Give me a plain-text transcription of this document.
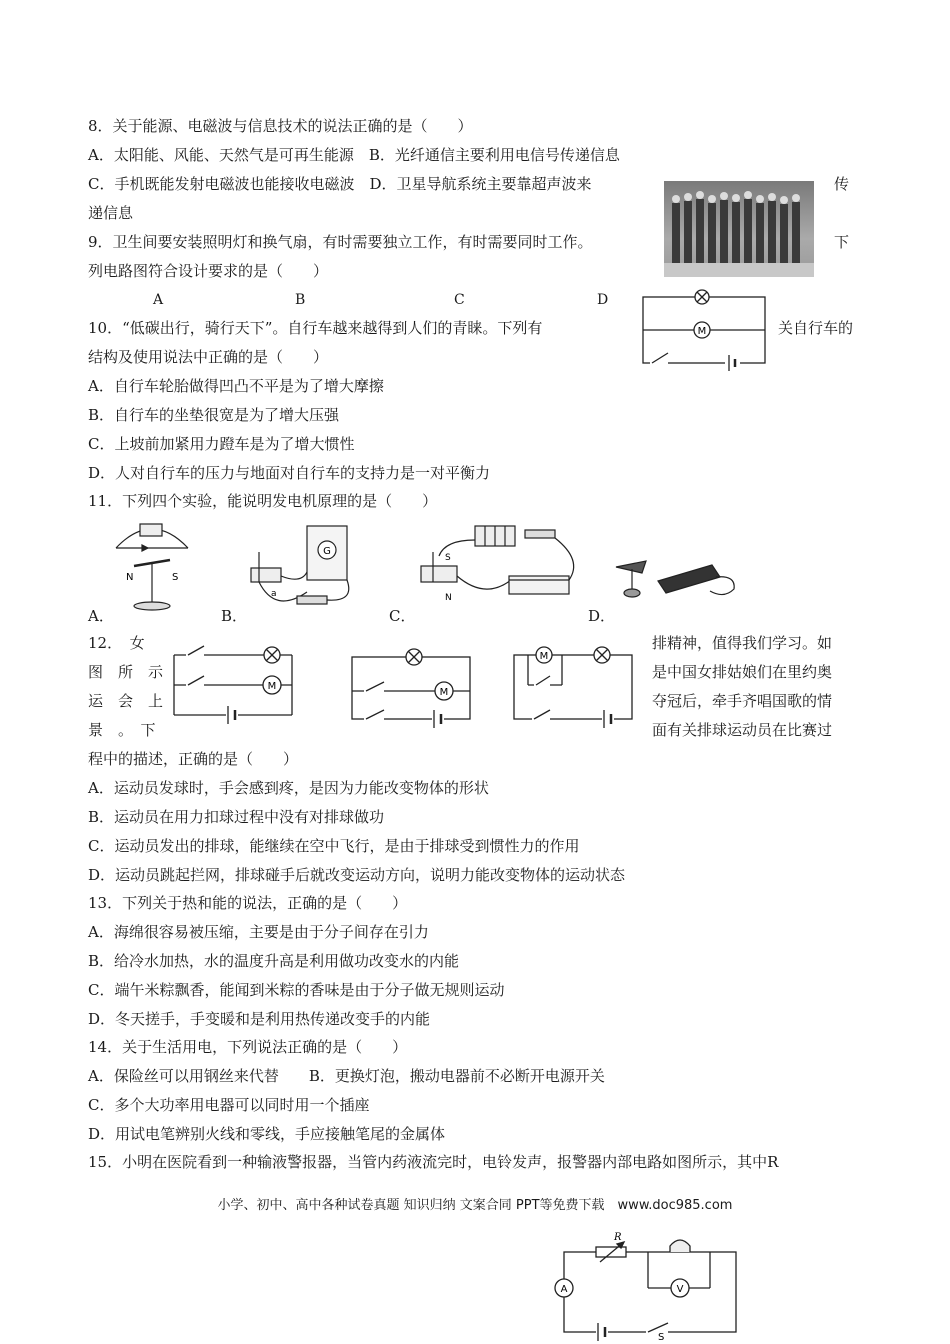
8．关于能源、电磁波与信息技术的说法正确的是（　　）
A．太阳能、风能、天然气是可再生能源　B．光纤通信主要利用电信号传递信息
C．手机既能发射电磁波也能接收电磁波　D．卫星导航系统主要靠超声波来	传
递信息
9．卫生间要安装照明灯和换气扇，有时需要独立工作，有时需要同时工作。	下
列电路图符合设计要求的是（　　）
A	B	C	D
M
10．“低碳出行，骑行天下”。自行车越来越得到人们的青睐。下列有	关自行车的
结构及使用说法中正确的是（　　）
A．自行车轮胎做得凹凸不平是为了增大摩擦
B．自行车的坐垫很宽是为了增大压强
C．上坡前加紧用力蹬车是为了增大惯性
D．人对自行车的压力与地面对自行车的支持力是一对平衡力
11．下列四个实验，能说明发电机原理的是（　　）
N	S
A．
G
a
B．
S
N
C．	D．
12．　女
图　所　示
运　会　上
景　。　下
排精神，值得我们学习。如
是中国女排姑娘们在里约奥
夺冠后，牵手齐唱国歌的情
面有关排球运动员在比赛过
M
M
M
程中的描述，正确的是（　　）
A．运动员发球时，手会感到疼，是因为力能改变物体的形状
B．运动员在用力扣球过程中没有对排球做功
C．运动员发出的排球，能继续在空中飞行，是由于排球受到惯性力的作用
D．运动员跳起拦网，排球碰手后就改变运动方向，说明力能改变物体的运动状态
13．下列关于热和能的说法，正确的是（　　）
A．海绵很容易被压缩，主要是由于分子间存在引力
B．给冷水加热，水的温度升高是利用做功改变水的内能
C．端午米粽飘香，能闻到米粽的香味是由于分子做无规则运动
D．冬天搓手，手变暖和是利用热传递改变手的内能
14．关于生活用电，下列说法正确的是（　　）
A．保险丝可以用钢丝来代替　　B．更换灯泡，搬动电器前不必断开电源开关
C．多个大功率用电器可以同时用一个插座
D．用试电笔辨别火线和零线，手应接触笔尾的金属体
15．小明在医院看到一种输液警报器，当管内药液流完时，电铃发声，报警器内部电路如图所示，其中R
小学、初中、高中各种试卷真题 知识归纳 文案合同 PPT等免费下载　www.doc985.com
R
A	V
S
